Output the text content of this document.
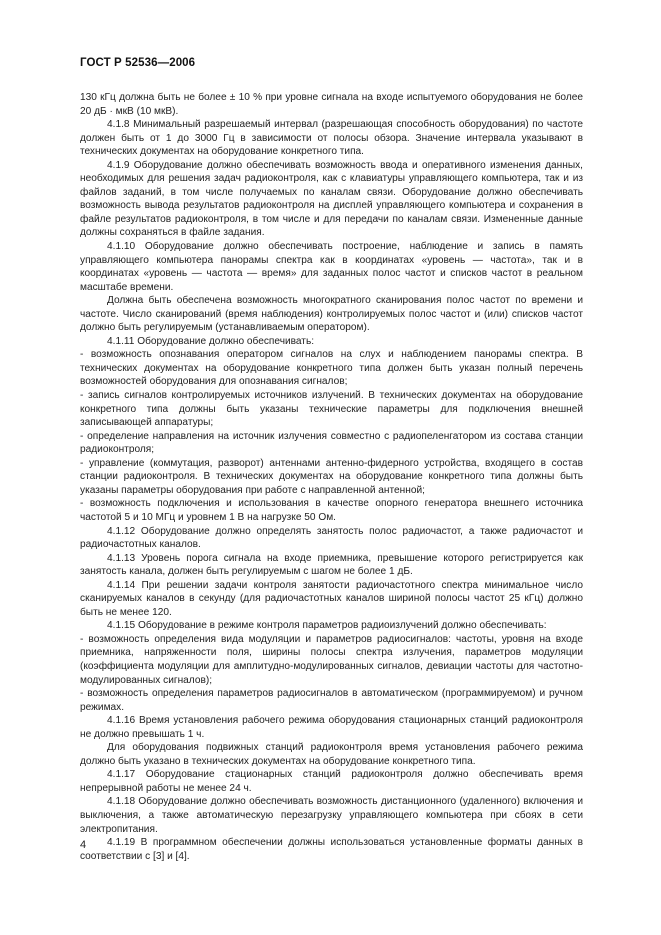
ГОСТ Р 52536—2006

130 кГц должна быть не более ± 10 % при уровне сигнала на входе испытуемого оборудования не более 20 дБ · мкВ (10 мкВ).

4.1.8 Минимальный разрешаемый интервал (разрешающая способность оборудования) по частоте должен быть от 1 до 3000 Гц в зависимости от полосы обзора. Значение интервала указывают в технических документах на оборудование конкретного типа.

4.1.9 Оборудование должно обеспечивать возможность ввода и оперативного изменения данных, необходимых для решения задач радиоконтроля, как с клавиатуры управляющего компьютера, так и из файлов заданий, в том числе получаемых по каналам связи. Оборудование должно обеспечивать возможность вывода результатов радиоконтроля на дисплей управляющего компьютера и сохранения в файле результатов радиоконтроля, в том числе и для передачи по каналам связи. Измененные данные должны сохраняться в файле задания.

4.1.10 Оборудование должно обеспечивать построение, наблюдение и запись в память управляющего компьютера панорамы спектра как в координатах «уровень — частота», так и в координатах «уровень — частота — время» для заданных полос частот и списков частот в реальном масштабе времени.

Должна быть обеспечена возможность многократного сканирования полос частот по времени и частоте. Число сканирований (время наблюдения) контролируемых полос частот и (или) списков частот должно быть регулируемым (устанавливаемым оператором).

4.1.11 Оборудование должно обеспечивать:

- возможность опознавания оператором сигналов на слух и наблюдением панорамы спектра. В технических документах на оборудование конкретного типа должен быть указан полный перечень возможностей оборудования для опознавания сигналов;

- запись сигналов контролируемых источников излучений. В технических документах на оборудование конкретного типа должны быть указаны технические параметры для подключения внешней записывающей аппаратуры;

- определение направления на источник излучения совместно с радиопеленгатором из состава станции радиоконтроля;

- управление (коммутация, разворот) антеннами антенно-фидерного устройства, входящего в состав станции радиоконтроля. В технических документах на оборудование конкретного типа должны быть указаны параметры оборудования при работе с направленной антенной;

- возможность подключения и использования в качестве опорного генератора внешнего источника частотой 5 и 10 МГц и уровнем 1 В на нагрузке 50 Ом.

4.1.12 Оборудование должно определять занятость полос радиочастот, а также радиочастот и радиочастотных каналов.

4.1.13 Уровень порога сигнала на входе приемника, превышение которого регистрируется как занятость канала, должен быть регулируемым с шагом не более 1 дБ.

4.1.14 При решении задачи контроля занятости радиочастотного спектра минимальное число сканируемых каналов в секунду (для радиочастотных каналов шириной полосы частот 25 кГц) должно быть не менее 120.

4.1.15 Оборудование в режиме контроля параметров радиоизлучений должно обеспечивать:

- возможность определения вида модуляции и параметров радиосигналов: частоты, уровня на входе приемника, напряженности поля, ширины полосы спектра излучения, параметров модуляции (коэффициента модуляции для амплитудно-модулированных сигналов, девиации частоты для частотно-модулированных сигналов);

- возможность определения параметров радиосигналов в автоматическом (программируемом) и ручном режимах.

4.1.16 Время установления рабочего режима оборудования стационарных станций радиоконтроля не должно превышать 1 ч.

Для оборудования подвижных станций радиоконтроля время установления рабочего режима должно быть указано в технических документах на оборудование конкретного типа.

4.1.17 Оборудование стационарных станций радиоконтроля должно обеспечивать время непрерывной работы не менее 24 ч.

4.1.18 Оборудование должно обеспечивать возможность дистанционного (удаленного) включения и выключения, а также автоматическую перезагрузку управляющего компьютера при сбоях в сети электропитания.

4.1.19 В программном обеспечении должны использоваться установленные форматы данных в соответствии с [3] и [4].

4
